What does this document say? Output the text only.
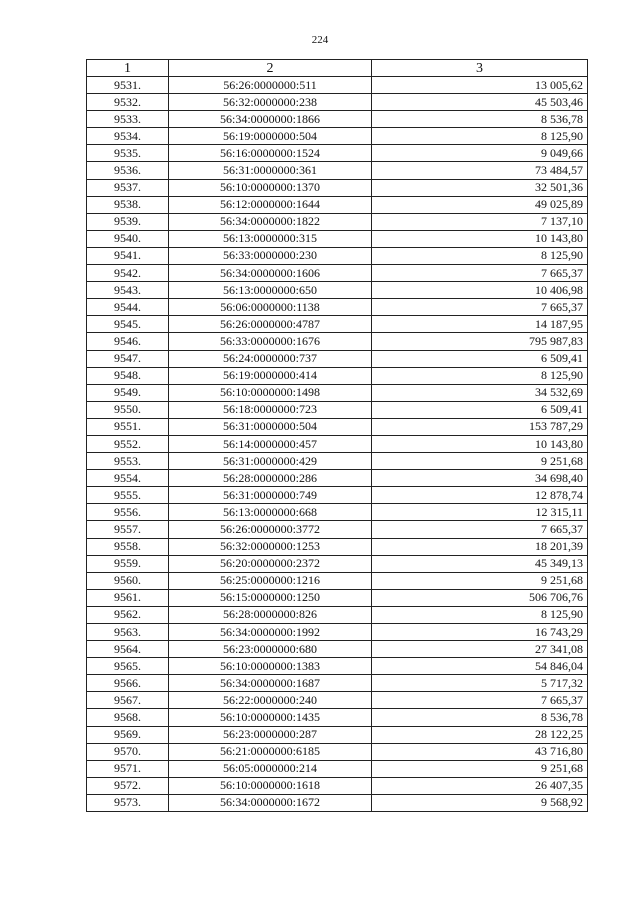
224
1	2	3
9531.	56:26:0000000:511	13 005,62
9532.	56:32:0000000:238	45 503,46
9533.	56:34:0000000:1866	8 536,78
9534.	56:19:0000000:504	8 125,90
9535.	56:16:0000000:1524	9 049,66
9536.	56:31:0000000:361	73 484,57
9537.	56:10:0000000:1370	32 501,36
9538.	56:12:0000000:1644	49 025,89
9539.	56:34:0000000:1822	7 137,10
9540.	56:13:0000000:315	10 143,80
9541.	56:33:0000000:230	8 125,90
9542.	56:34:0000000:1606	7 665,37
9543.	56:13:0000000:650	10 406,98
9544.	56:06:0000000:1138	7 665,37
9545.	56:26:0000000:4787	14 187,95
9546.	56:33:0000000:1676	795 987,83
9547.	56:24:0000000:737	6 509,41
9548.	56:19:0000000:414	8 125,90
9549.	56:10:0000000:1498	34 532,69
9550.	56:18:0000000:723	6 509,41
9551.	56:31:0000000:504	153 787,29
9552.	56:14:0000000:457	10 143,80
9553.	56:31:0000000:429	9 251,68
9554.	56:28:0000000:286	34 698,40
9555.	56:31:0000000:749	12 878,74
9556.	56:13:0000000:668	12 315,11
9557.	56:26:0000000:3772	7 665,37
9558.	56:32:0000000:1253	18 201,39
9559.	56:20:0000000:2372	45 349,13
9560.	56:25:0000000:1216	9 251,68
9561.	56:15:0000000:1250	506 706,76
9562.	56:28:0000000:826	8 125,90
9563.	56:34:0000000:1992	16 743,29
9564.	56:23:0000000:680	27 341,08
9565.	56:10:0000000:1383	54 846,04
9566.	56:34:0000000:1687	5 717,32
9567.	56:22:0000000:240	7 665,37
9568.	56:10:0000000:1435	8 536,78
9569.	56:23:0000000:287	28 122,25
9570.	56:21:0000000:6185	43 716,80
9571.	56:05:0000000:214	9 251,68
9572.	56:10:0000000:1618	26 407,35
9573.	56:34:0000000:1672	9 568,92
